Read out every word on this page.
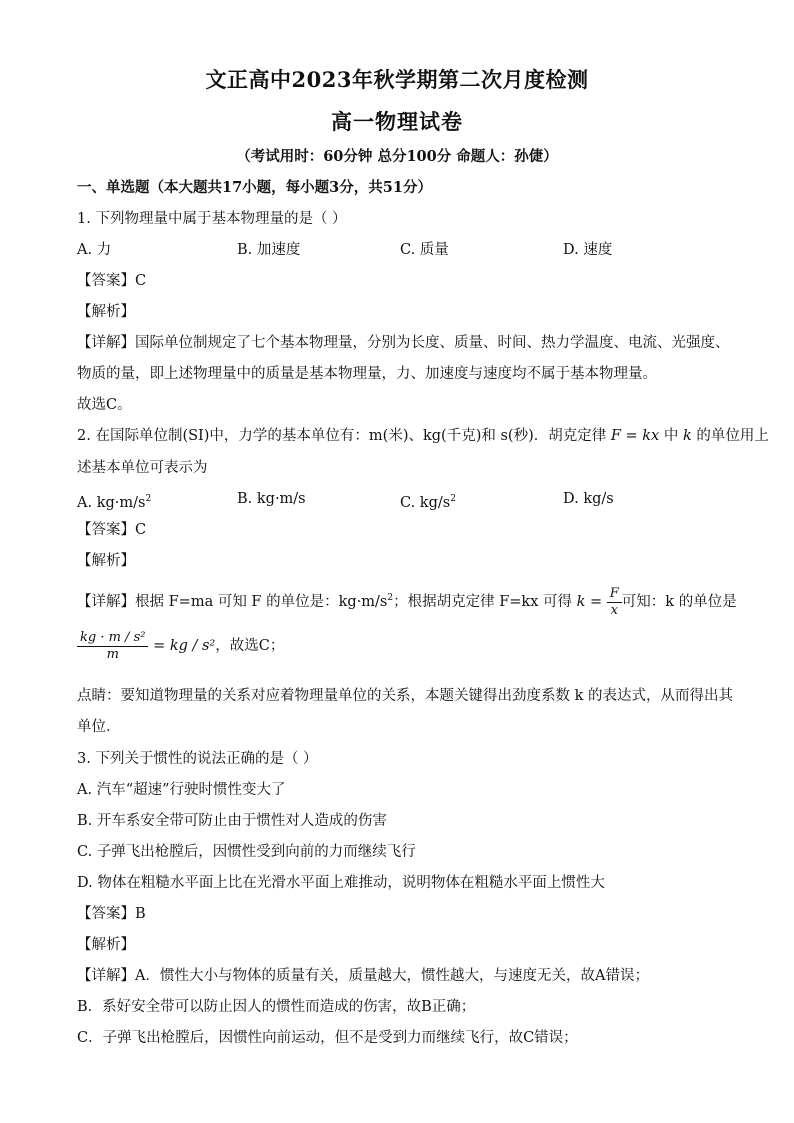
文正高中2023年秋学期第二次月度检测
高一物理试卷
（考试用时：60分钟 总分100分 命题人：孙倢）
一、单选题（本大题共17小题，每小题3分，共51分）
1. 下列物理量中属于基本物理量的是（ ）
A. 力	B. 加速度	C. 质量	D. 速度
【答案】C
【解析】
【详解】国际单位制规定了七个基本物理量，分别为长度、质量、时间、热力学温度、电流、光强度、
物质的量，即上述物理量中的质量是基本物理量，力、加速度与速度均不属于基本物理量。
故选C。
2. 在国际单位制(SI)中，力学的基本单位有：m(米)、kg(千克)和 s(秒)．胡克定律 F = kx 中 k 的单位用上
述基本单位可表示为
A. $kg\cdot m/s^2$	B. kg·m/s	C. $kg/s^2$	D. kg/s
【答案】C
【解析】
【详解】根据 F=ma 可知 F 的单位是：$kg\cdot m/s^2$；根据胡克定律 F=kx 可得 $k = \frac{F}{x}$ 可知：k 的单位是
$\frac{\text{kg · m / s²}}{m}$ = kg / s²，故选C；
点睛：要知道物理量的关系对应着物理量单位的关系，本题关键得出劲度系数 k 的表达式，从而得出其
单位．
3. 下列关于惯性的说法正确的是（ ）
A. 汽车“超速”行驶时惯性变大了
B. 开车系安全带可防止由于惯性对人造成的伤害
C. 子弹飞出枪膛后，因惯性受到向前的力而继续飞行
D. 物体在粗糙水平面上比在光滑水平面上难推动，说明物体在粗糙水平面上惯性大
【答案】B
【解析】
【详解】A．惯性大小与物体的质量有关，质量越大，惯性越大，与速度无关，故A错误；
B．系好安全带可以防止因人的惯性而造成的伤害，故B正确；
C．子弹飞出枪膛后，因惯性向前运动，但不是受到力而继续飞行，故C错误；
